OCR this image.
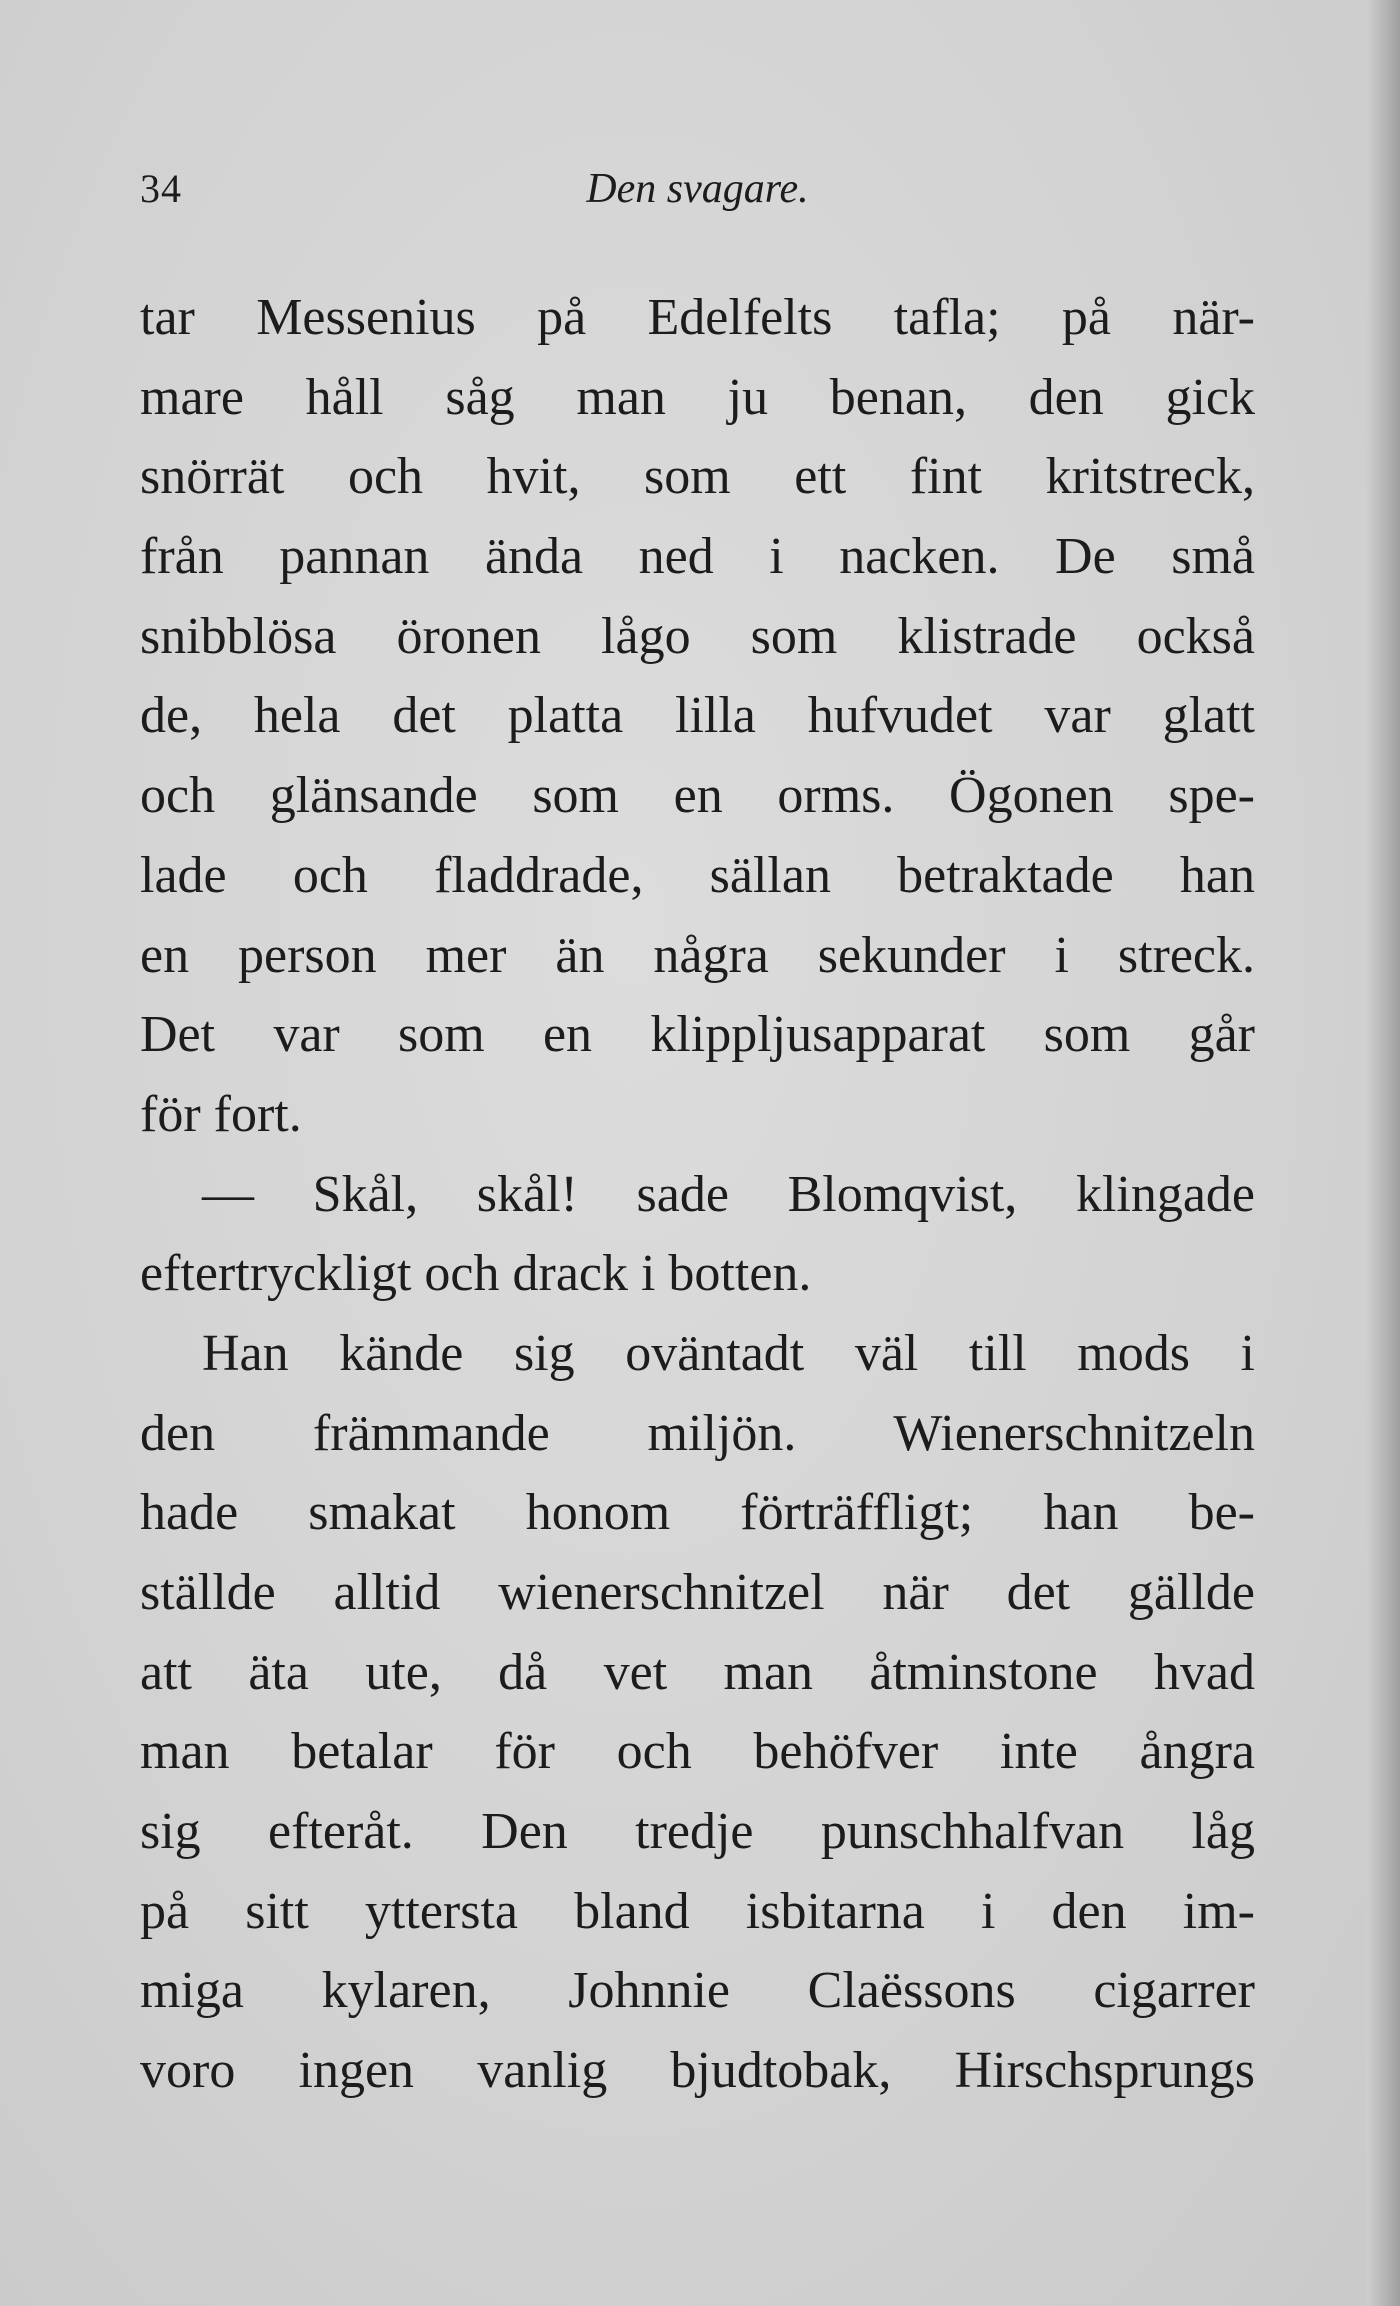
34	Den svagare.
tar Messenius på Edelfelts tafla; på när-
mare håll såg man ju benan, den gick
snörrät och hvit, som ett fint kritstreck,
från pannan ända ned i nacken. De små
snibblösa öronen lågo som klistrade också
de, hela det platta lilla hufvudet var glatt
och glänsande som en orms. Ögonen spe-
lade och fladdrade, sällan betraktade han
en person mer än några sekunder i streck.
Det var som en klippljusapparat som går
för fort.
— Skål, skål! sade Blomqvist, klingade
eftertryckligt och drack i botten.
Han kände sig oväntadt väl till mods i
den främmande miljön. Wienerschnitzeln
hade smakat honom förträffligt; han be-
ställde alltid wienerschnitzel när det gällde
att äta ute, då vet man åtminstone hvad
man betalar för och behöfver inte ångra
sig efteråt. Den tredje punschhalfvan låg
på sitt yttersta bland isbitarna i den im-
miga kylaren, Johnnie Claëssons cigarrer
voro ingen vanlig bjudtobak, Hirschsprungs
